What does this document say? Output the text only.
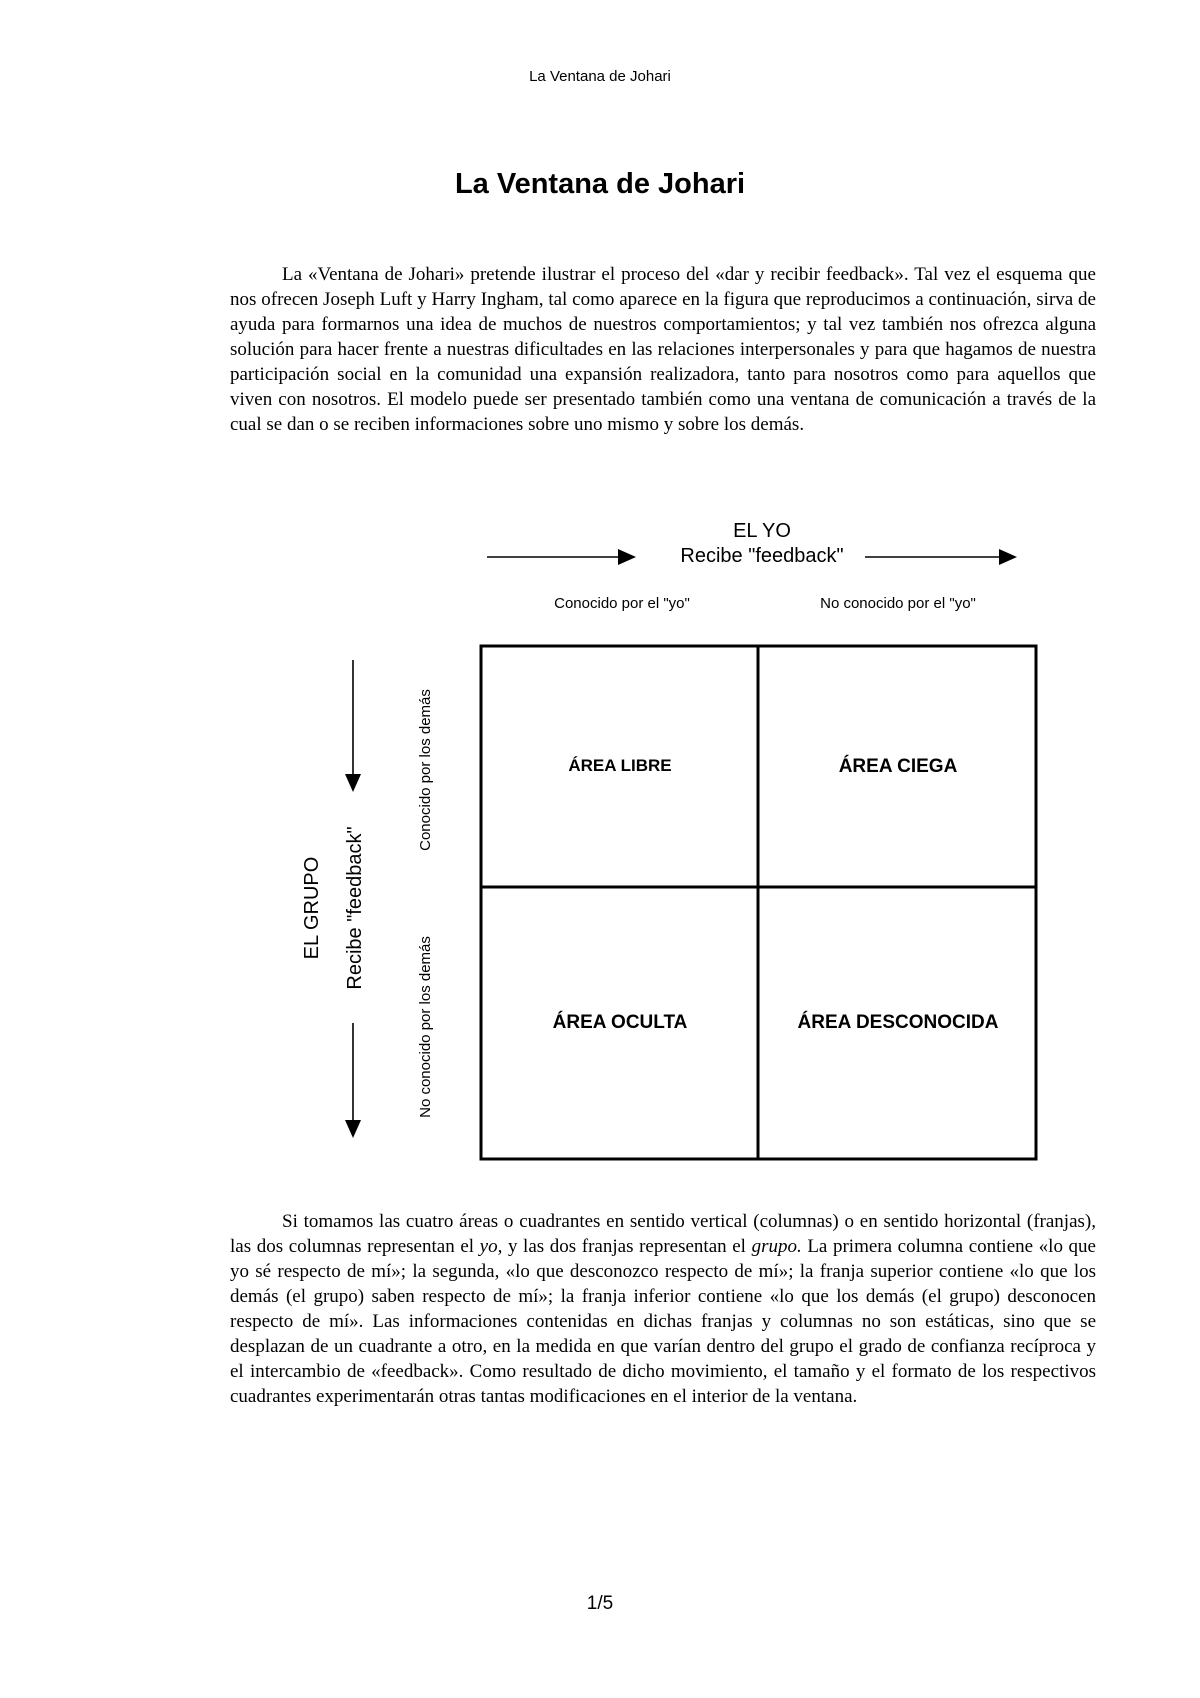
La Ventana de Johari
La Ventana de Johari

La «Ventana de Johari» pretende ilustrar el proceso del «dar y recibir feedback». Tal vez el esquema que nos ofrecen Joseph Luft y Harry Ingham, tal como aparece en la figura que reproducimos a continuación, sirva de ayuda para formarnos una idea de muchos de nuestros comportamientos; y tal vez también nos ofrezca alguna solución para hacer frente a nuestras dificultades en las relaciones interpersonales y para que hagamos de nuestra participación social en la comunidad una expansión realizadora, tanto para nosotros como para aquellos que viven con nosotros. El modelo puede ser presentado también como una ventana de comunicación a través de la cual se dan o se reciben informaciones sobre uno mismo y sobre los demás.

EL YO
Recibe "feedback"
Conocido por el "yo"	No conocido por el "yo"
EL GRUPO Recibe "feedback"
Conocido por los demás
No conocido por los demás
ÁREA LIBRE	ÁREA CIEGA
ÁREA OCULTA	ÁREA DESCONOCIDA

Si tomamos las cuatro áreas o cuadrantes en sentido vertical (columnas) o en sentido horizontal (franjas), las dos columnas representan el yo, y las dos franjas representan el grupo. La primera columna contiene «lo que yo sé respecto de mí»; la segunda, «lo que desconozco respecto de mí»; la franja superior contiene «lo que los demás (el grupo) saben respecto de mí»; la franja inferior contiene «lo que los demás (el grupo) desconocen respecto de mí». Las informaciones contenidas en dichas franjas y columnas no son estáticas, sino que se desplazan de un cuadrante a otro, en la medida en que varían dentro del grupo el grado de confianza recíproca y el intercambio de «feedback». Como resultado de dicho movimiento, el tamaño y el formato de los respectivos cuadrantes experimentarán otras tantas modificaciones en el interior de la ventana.

1/5
